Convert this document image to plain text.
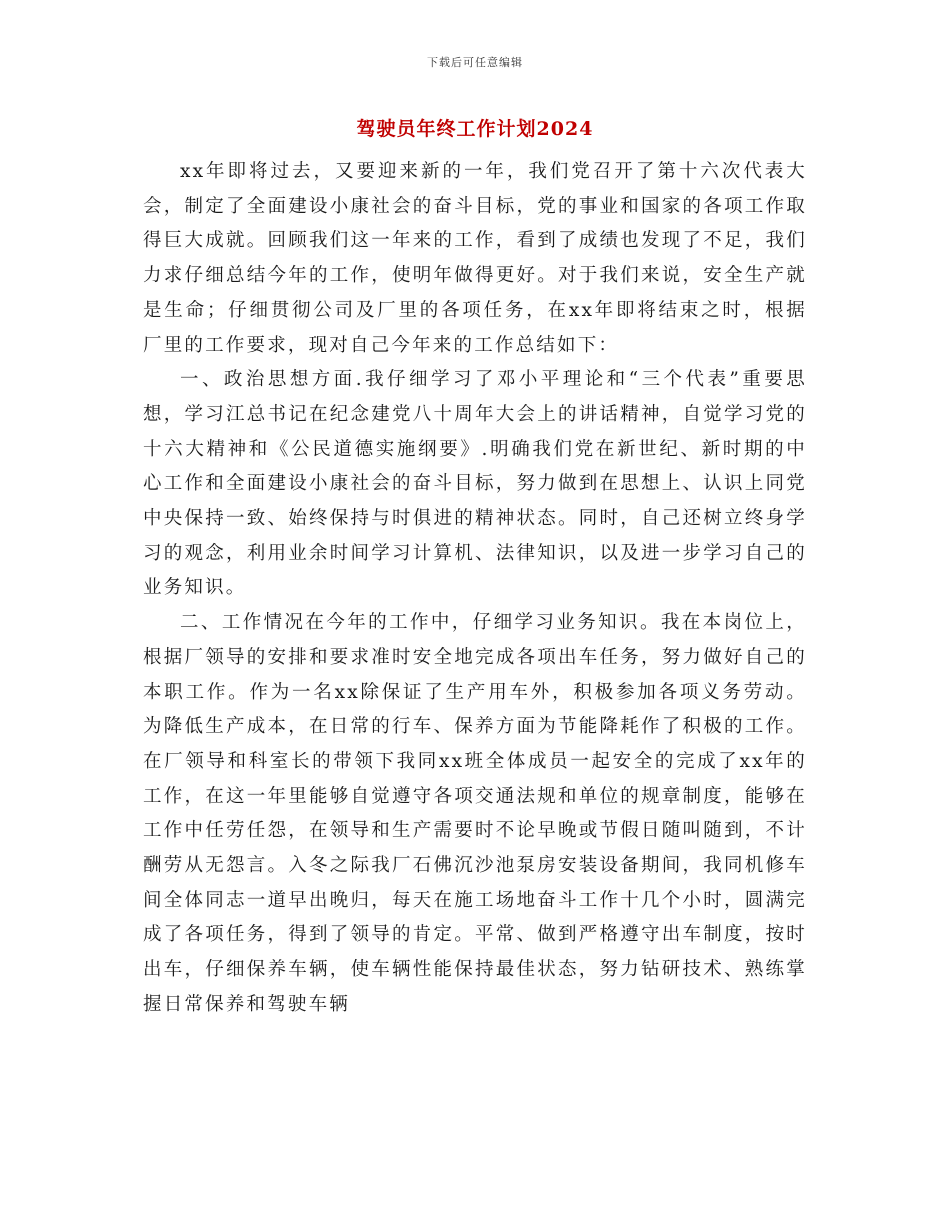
下载后可任意编辑
驾驶员年终工作计划2024

xx年即将过去，又要迎来新的一年，我们党召开了第十六次代表大会，制定了全面建设小康社会的奋斗目标，党的事业和国家的各项工作取得巨大成就。回顾我们这一年来的工作，看到了成绩也发现了不足，我们力求仔细总结今年的工作，使明年做得更好。对于我们来说，安全生产就是生命；仔细贯彻公司及厂里的各项任务，在xx年即将结束之时，根据厂里的工作要求，现对自己今年来的工作总结如下：

一、政治思想方面.我仔细学习了邓小平理论和“三个代表”重要思想，学习江总书记在纪念建党八十周年大会上的讲话精神，自觉学习党的十六大精神和《公民道德实施纲要》.明确我们党在新世纪、新时期的中心工作和全面建设小康社会的奋斗目标，努力做到在思想上、认识上同党中央保持一致、始终保持与时俱进的精神状态。同时，自己还树立终身学习的观念，利用业余时间学习计算机、法律知识，以及进一步学习自己的业务知识。

二、工作情况在今年的工作中，仔细学习业务知识。我在本岗位上，根据厂领导的安排和要求准时安全地完成各项出车任务，努力做好自己的本职工作。作为一名xx除保证了生产用车外，积极参加各项义务劳动。为降低生产成本，在日常的行车、保养方面为节能降耗作了积极的工作。在厂领导和科室长的带领下我同xx班全体成员一起安全的完成了xx年的工作，在这一年里能够自觉遵守各项交通法规和单位的规章制度，能够在工作中任劳任怨，在领导和生产需要时不论早晚或节假日随叫随到，不计酬劳从无怨言。入冬之际我厂石佛沉沙池泵房安装设备期间，我同机修车间全体同志一道早出晚归，每天在施工场地奋斗工作十几个小时，圆满完成了各项任务，得到了领导的肯定。平常、做到严格遵守出车制度，按时出车，仔细保养车辆，使车辆性能保持最佳状态，努力钻研技术、熟练掌握日常保养和驾驶车辆
